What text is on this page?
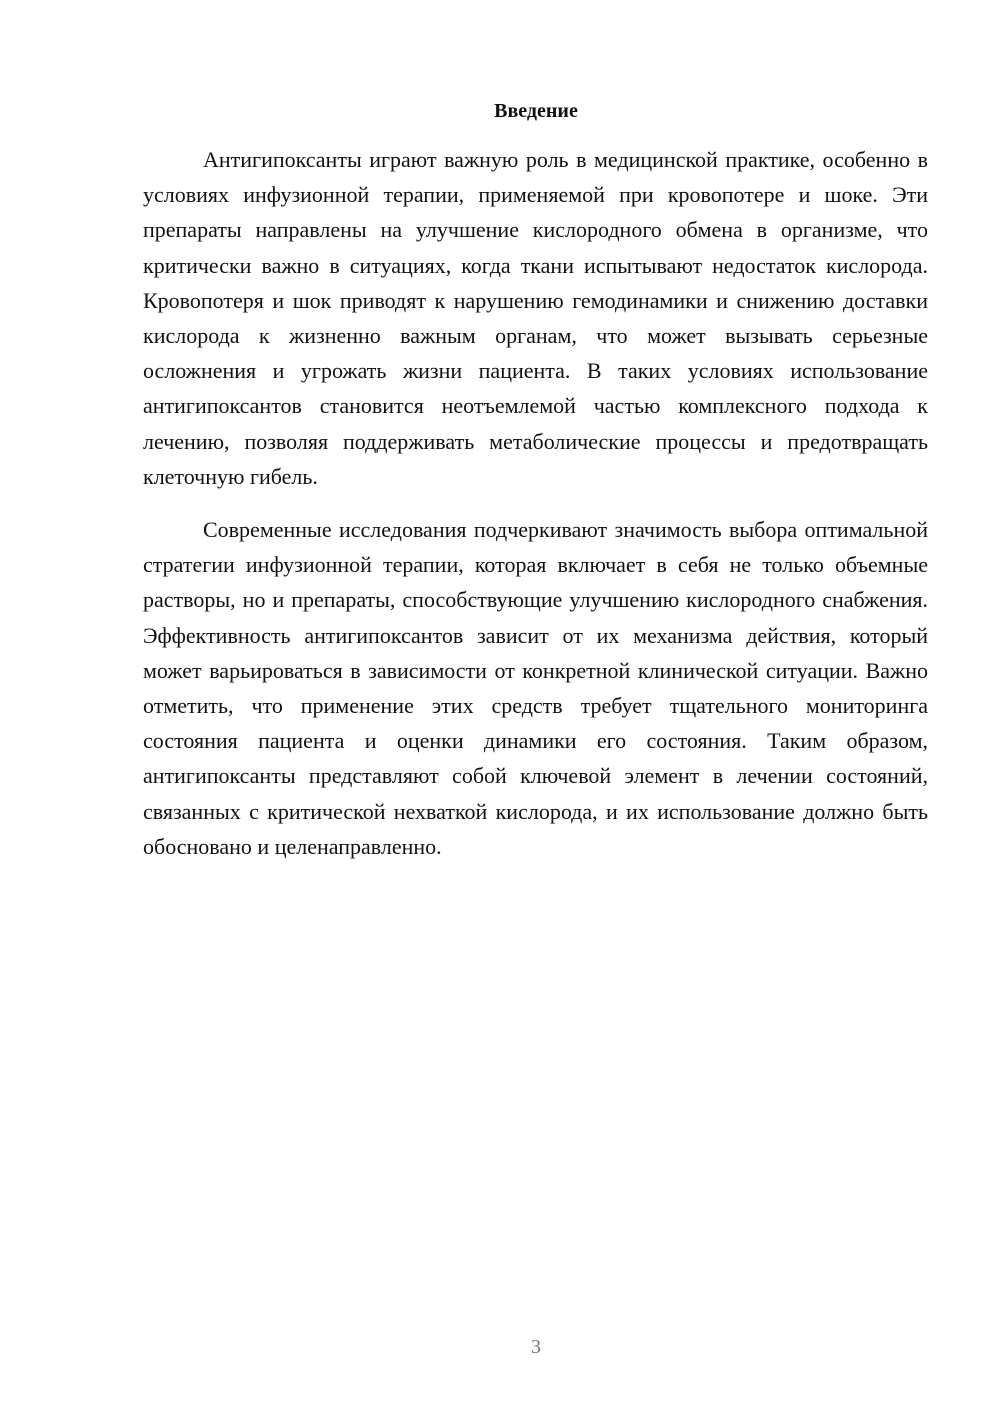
Введение

Антигипоксанты играют важную роль в медицинской практике, особенно в условиях инфузионной терапии, применяемой при кровопотере и шоке. Эти препараты направлены на улучшение кислородного обмена в организме, что критически важно в ситуациях, когда ткани испытывают недостаток кислорода. Кровопотеря и шок приводят к нарушению гемодинамики и снижению доставки кислорода к жизненно важным органам, что может вызывать серьезные осложнения и угрожать жизни пациента. В таких условиях использование антигипоксантов становится неотъемлемой частью комплексного подхода к лечению, позволяя поддерживать метаболические процессы и предотвращать клеточную гибель.

Современные исследования подчеркивают значимость выбора оптимальной стратегии инфузионной терапии, которая включает в себя не только объемные растворы, но и препараты, способствующие улучшению кислородного снабжения. Эффективность антигипоксантов зависит от их механизма действия, который может варьироваться в зависимости от конкретной клинической ситуации. Важно отметить, что применение этих средств требует тщательного мониторинга состояния пациента и оценки динамики его состояния. Таким образом, антигипоксанты представляют собой ключевой элемент в лечении состояний, связанных с критической нехваткой кислорода, и их использование должно быть обосновано и целенаправленно.

3
